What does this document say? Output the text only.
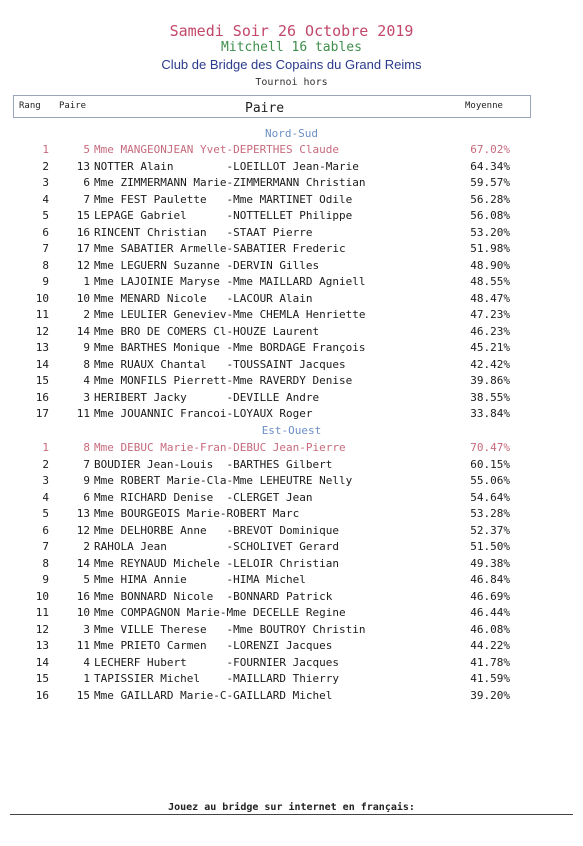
Samedi Soir 26 Octobre 2019
Mitchell 16 tables
Club de Bridge des Copains du Grand Reims
Tournoi hors
Rang Paire	Paire	Moyenne
Nord-Sud
1	5 Mme MANGEONJEAN Yvet-DEPERTHES Claude	67.02%
2	13 NOTTER Alain        -LOEILLOT Jean-Marie	64.34%
3	6 Mme ZIMMERMANN Marie-ZIMMERMANN Christian	59.57%
4	7 Mme FEST Paulette   -Mme MARTINET Odile	56.28%
5	15 LEPAGE Gabriel      -NOTTELLET Philippe	56.08%
6	16 RINCENT Christian   -STAAT Pierre	53.20%
7	17 Mme SABATIER Armelle-SABATIER Frederic	51.98%
8	12 Mme LEGUERN Suzanne -DERVIN Gilles	48.90%
9	1 Mme LAJOINIE Maryse -Mme MAILLARD Agniell	48.55%
10	10 Mme MENARD Nicole   -LACOUR Alain	48.47%
11	2 Mme LEULIER Geneviev-Mme CHEMLA Henriette	47.23%
12	14 Mme BRO DE COMERS Cl-HOUZE Laurent	46.23%
13	9 Mme BARTHES Monique -Mme BORDAGE François	45.21%
14	8 Mme RUAUX Chantal   -TOUSSAINT Jacques	42.42%
15	4 Mme MONFILS Pierrett-Mme RAVERDY Denise	39.86%
16	3 HERIBERT Jacky      -DEVILLE Andre	38.55%
17	11 Mme JOUANNIC Francoi-LOYAUX Roger	33.84%
Est-Ouest
1	8 Mme DEBUC Marie-Fran-DEBUC Jean-Pierre	70.47%
2	7 BOUDIER Jean-Louis  -BARTHES Gilbert	60.15%
3	9 Mme ROBERT Marie-Cla-Mme LEHEUTRE Nelly	55.06%
4	6 Mme RICHARD Denise  -CLERGET Jean	54.64%
5	13 Mme BOURGEOIS Marie-ROBERT Marc	53.28%
6	12 Mme DELHORBE Anne   -BREVOT Dominique	52.37%
7	2 RAHOLA Jean         -SCHOLIVET Gerard	51.50%
8	14 Mme REYNAUD Michele -LELOIR Christian	49.38%
9	5 Mme HIMA Annie      -HIMA Michel	46.84%
10	16 Mme BONNARD Nicole  -BONNARD Patrick	46.69%
11	10 Mme COMPAGNON Marie-Mme DECELLE Regine	46.44%
12	3 Mme VILLE Therese   -Mme BOUTROY Christin	46.08%
13	11 Mme PRIETO Carmen   -LORENZI Jacques	44.22%
14	4 LECHERF Hubert      -FOURNIER Jacques	41.78%
15	1 TAPISSIER Michel    -MAILLARD Thierry	41.59%
16	15 Mme GAILLARD Marie-C-GAILLARD Michel	39.20%
Jouez au bridge sur internet en français:
